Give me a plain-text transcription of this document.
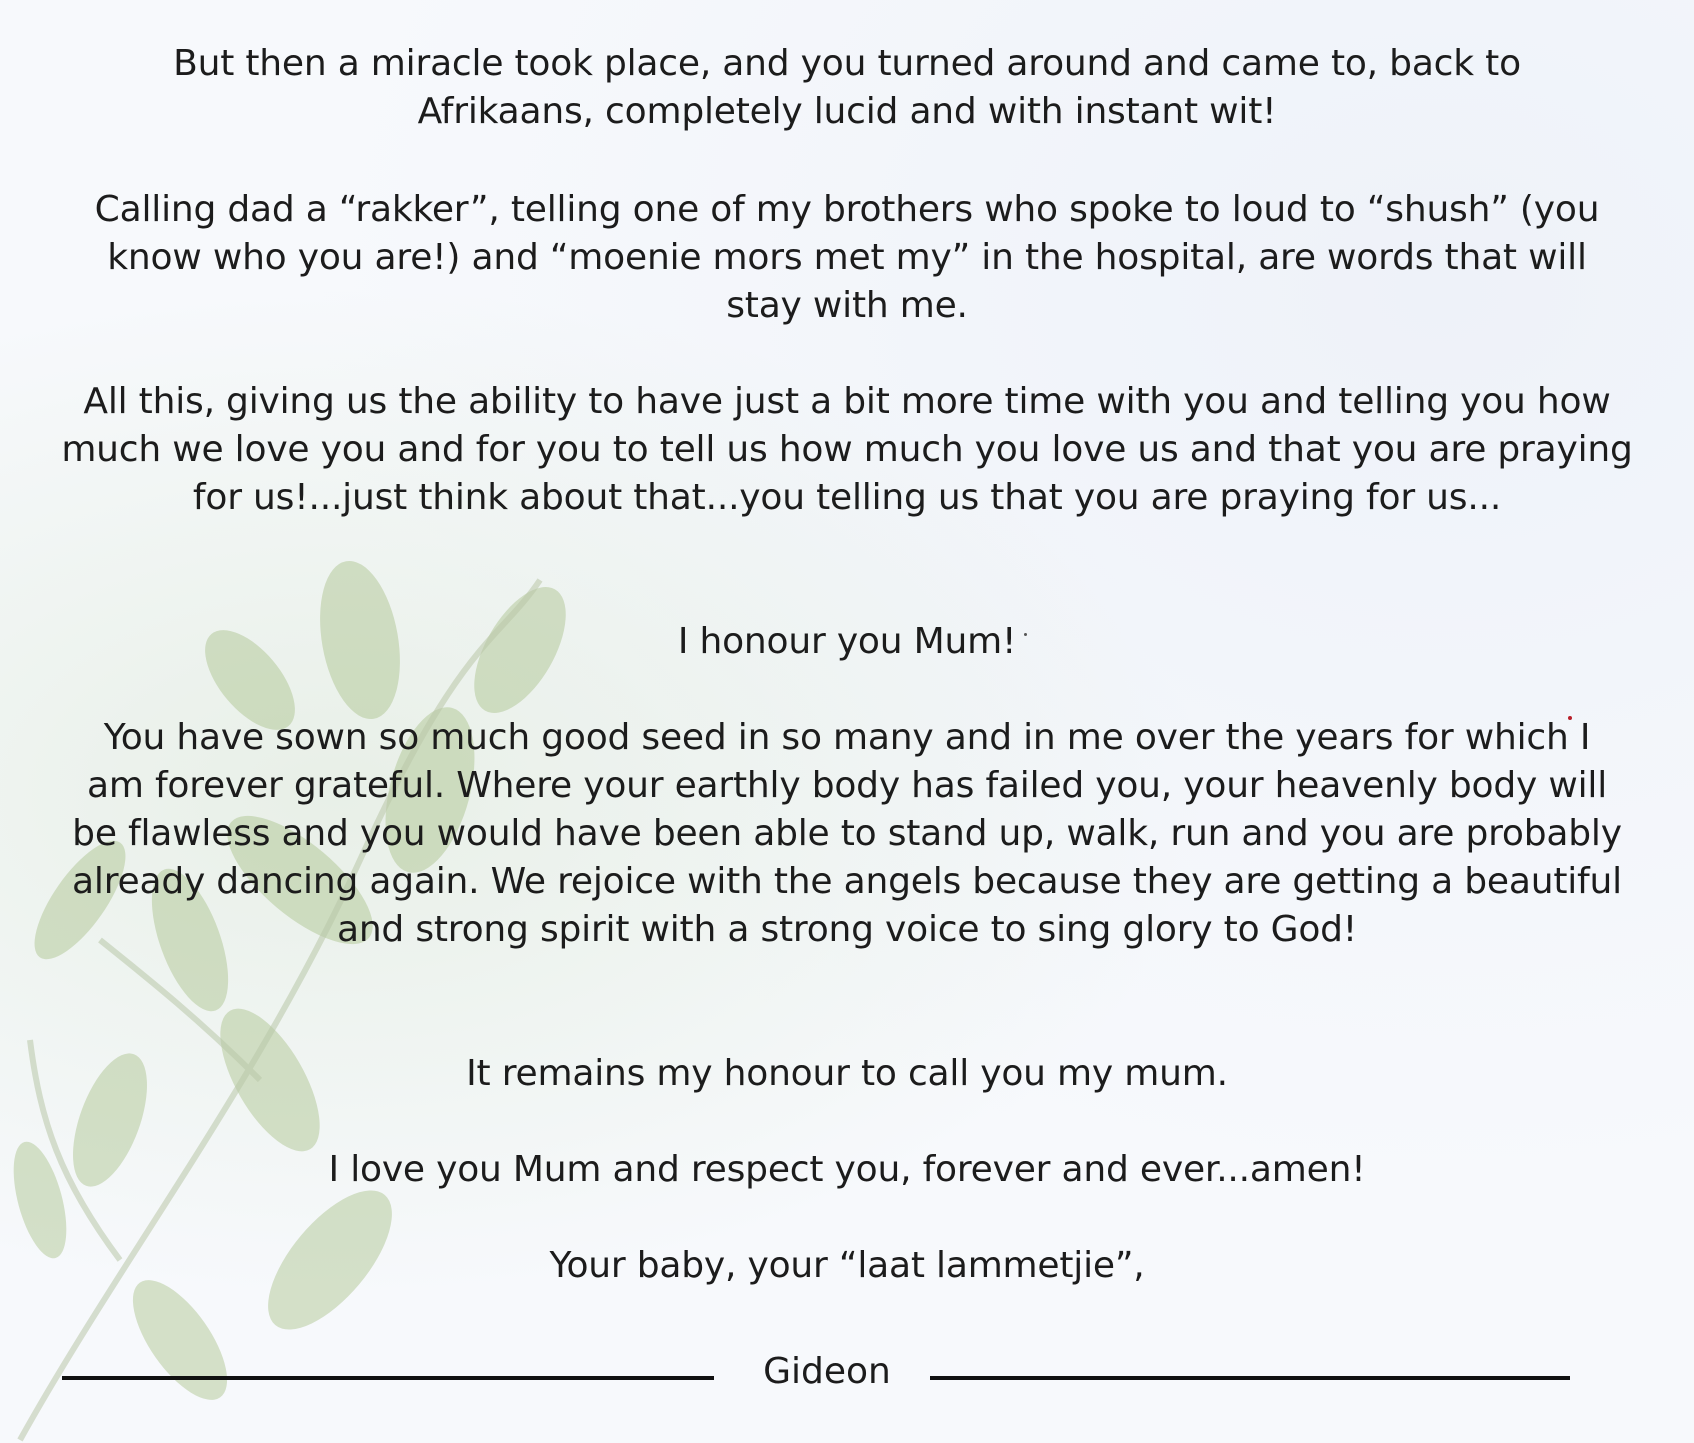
But then a miracle took place, and you turned around and came to, back to Afrikaans, completely lucid and with instant wit!

Calling dad a “rakker”, telling one of my brothers who spoke to loud to “shush” (you know who you are!) and “moenie mors met my” in the hospital, are words that will stay with me.

All this, giving us the ability to have just a bit more time with you and telling you how much we love you and for you to tell us how much you love us and that you are praying for us!...just think about that...you telling us that you are praying for us...

I honour you Mum!

You have sown so much good seed in so many and in me over the years for which I am forever grateful. Where your earthly body has failed you, your heavenly body will be flawless and you would have been able to stand up, walk, run and you are probably already dancing again. We rejoice with the angels because they are getting a beautiful and strong spirit with a strong voice to sing glory to God!

It remains my honour to call you my mum.

I love you Mum and respect you, forever and ever...amen!

Your baby, your “laat lammetjie”,

Gideon
